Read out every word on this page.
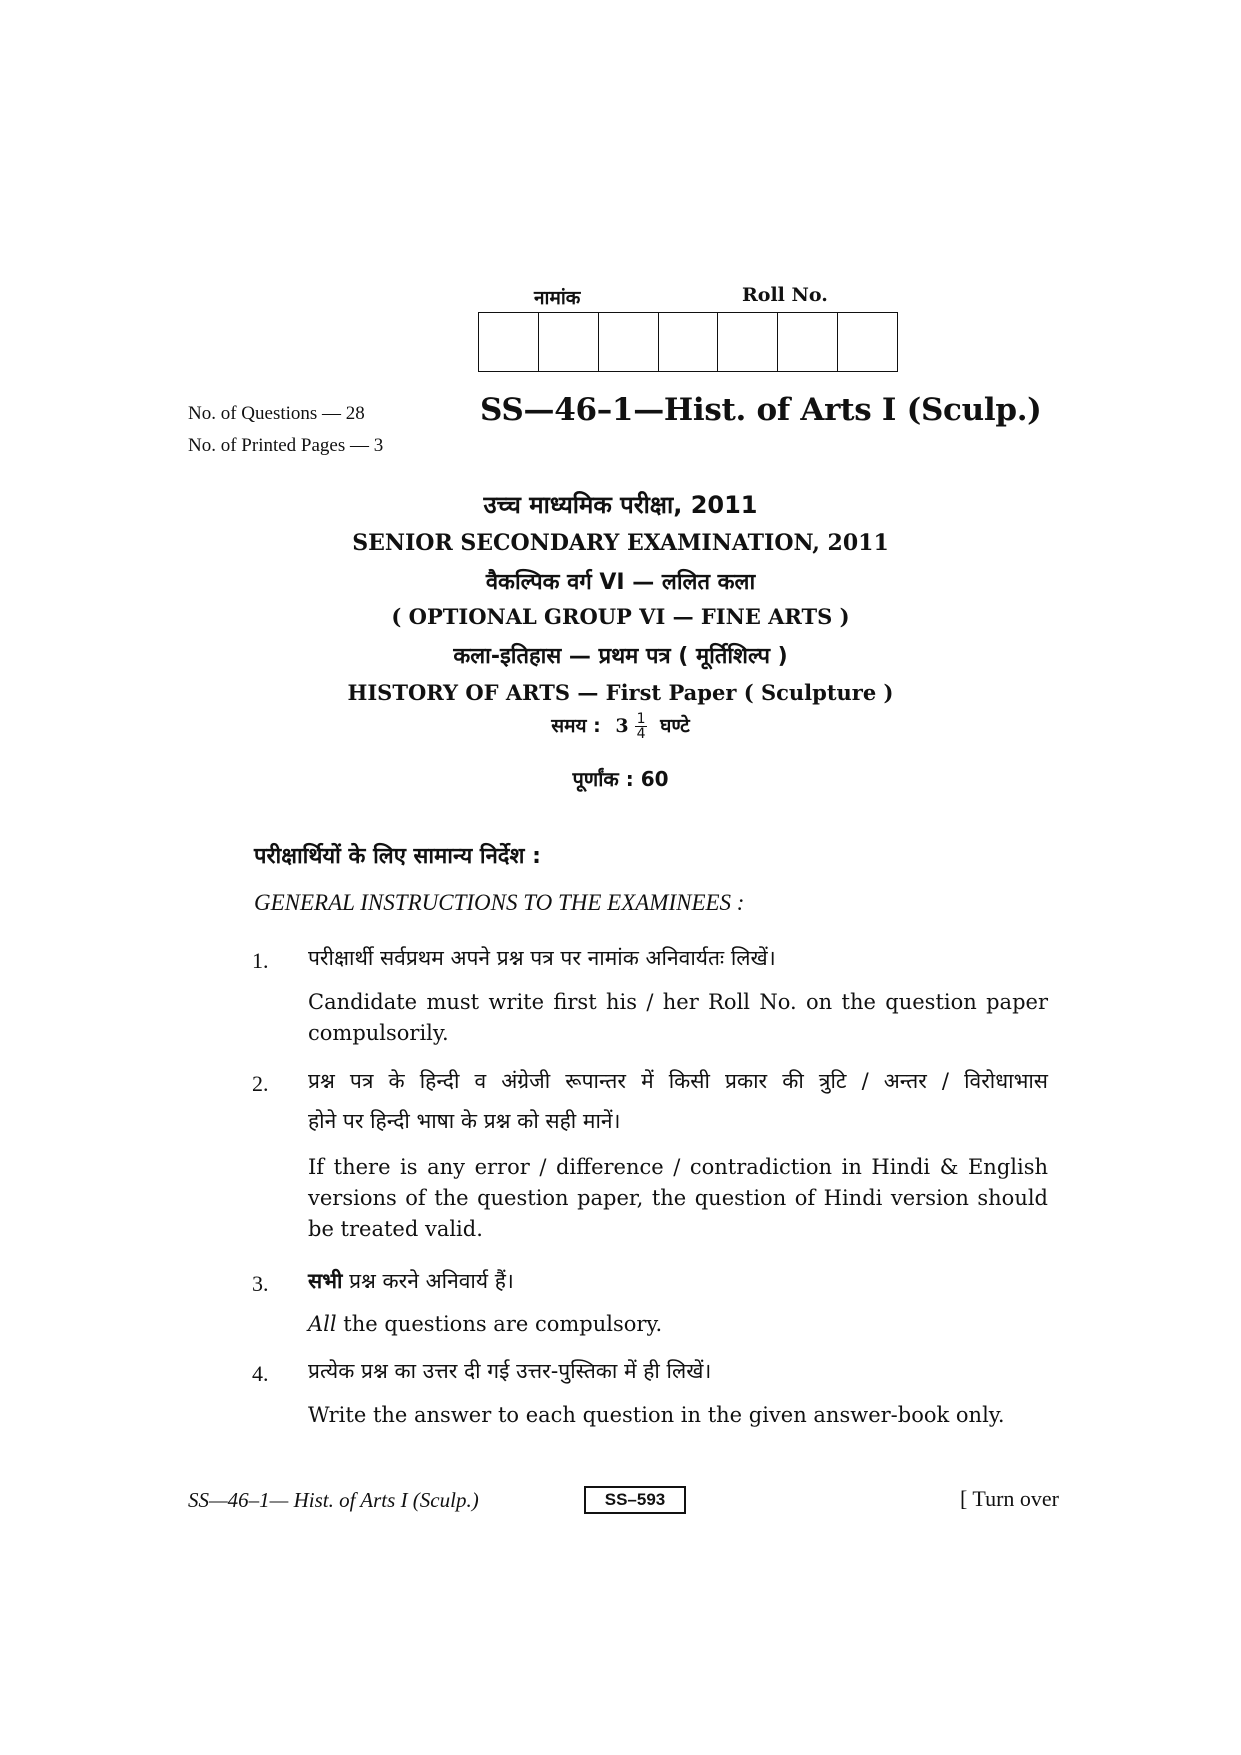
नामांक	Roll No.
No. of Questions — 28
No. of Printed Pages — 3
SS—46–1—Hist. of Arts I (Sculp.)
उच्च माध्यमिक परीक्षा, 2011
SENIOR SECONDARY EXAMINATION, 2011
वैकल्पिक वर्ग VI — ललित कला
( OPTIONAL GROUP VI — FINE ARTS )
कला-इतिहास — प्रथम पत्र ( मूर्तिशिल्प )
HISTORY OF ARTS — First Paper ( Sculpture )
समय : $3 \frac{1}{4}$ घण्टे
पूर्णांक : 60
परीक्षार्थियों के लिए सामान्य निर्देश :
GENERAL INSTRUCTIONS TO THE EXAMINEES :
1. परीक्षार्थी सर्वप्रथम अपने प्रश्न पत्र पर नामांक अनिवार्यतः लिखें।
Candidate must write first his / her Roll No. on the question paper compulsorily.
2. प्रश्न पत्र के हिन्दी व अंग्रेजी रूपान्तर में किसी प्रकार की त्रुटि / अन्तर / विरोधाभास
होने पर हिन्दी भाषा के प्रश्न को सही मानें।
If there is any error / difference / contradiction in Hindi & English versions of the question paper, the question of Hindi version should be treated valid.
3. सभी प्रश्न करने अनिवार्य हैं।
All the questions are compulsory.
4. प्रत्येक प्रश्न का उत्तर दी गई उत्तर-पुस्तिका में ही लिखें।
Write the answer to each question in the given answer-book only.
SS—46–1— Hist. of Arts I (Sculp.)	SS–593	[ Turn over
